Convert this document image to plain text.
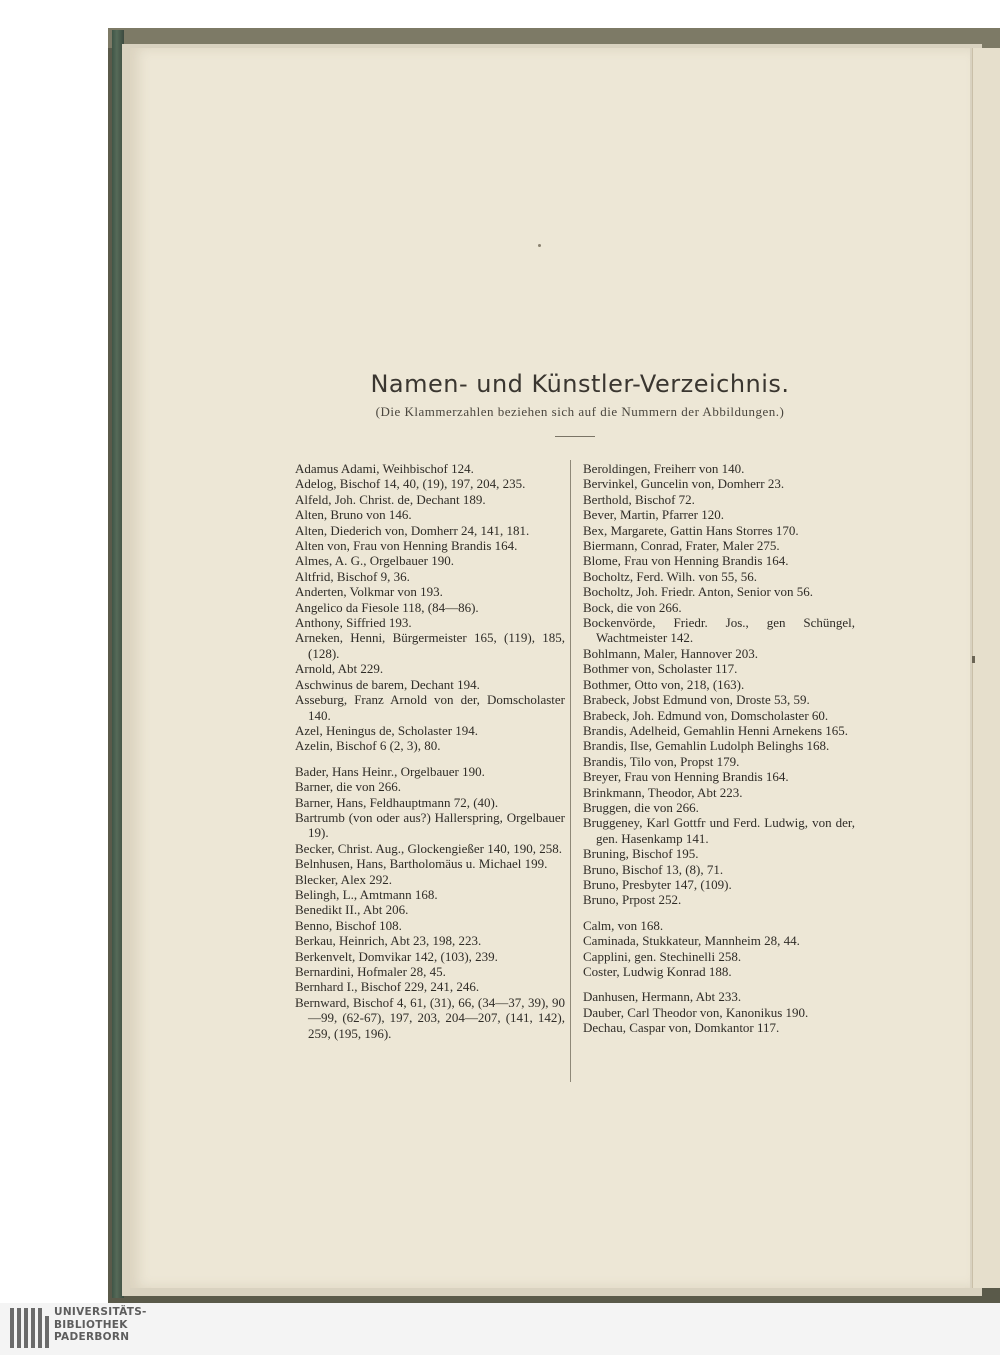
Namen- und Künstler-Verzeichnis.
(Die Klammerzahlen beziehen sich auf die Nummern der Abbildungen.)
Adamus Adami, Weihbischof 124.
Adelog, Bischof 14, 40, (19), 197, 204, 235.
Alfeld, Joh. Christ. de, Dechant 189.
Alten, Bruno von 146.
Alten, Diederich von, Domherr 24, 141, 181.
Alten von, Frau von Henning Brandis 164.
Almes, A. G., Orgelbauer 190.
Altfrid, Bischof 9, 36.
Anderten, Volkmar von 193.
Angelico da Fiesole 118, (84—86).
Anthony, Siffried 193.
Arneken, Henni, Bürgermeister 165, (119), 185, (128).
Arnold, Abt 229.
Aschwinus de barem, Dechant 194.
Asseburg, Franz Arnold von der, Domscholaster 140.
Azel, Heningus de, Scholaster 194.
Azelin, Bischof 6 (2, 3), 80.
Bader, Hans Heinr., Orgelbauer 190.
Barner, die von 266.
Barner, Hans, Feldhauptmann 72, (40).
Bartrumb (von oder aus?) Hallerspring, Orgelbauer 19).
Becker, Christ. Aug., Glockengießer 140, 190, 258.
Belnhusen, Hans, Bartholomäus u. Michael 199.
Blecker, Alex 292.
Belingh, L., Amtmann 168.
Benedikt II., Abt 206.
Benno, Bischof 108.
Berkau, Heinrich, Abt 23, 198, 223.
Berkenvelt, Domvikar 142, (103), 239.
Bernardini, Hofmaler 28, 45.
Bernhard I., Bischof 229, 241, 246.
Bernward, Bischof 4, 61, (31), 66, (34—37, 39), 90—99, (62-67), 197, 203, 204—207, (141, 142), 259, (195, 196).
Beroldingen, Freiherr von 140.
Bervinkel, Guncelin von, Domherr 23.
Berthold, Bischof 72.
Bever, Martin, Pfarrer 120.
Bex, Margarete, Gattin Hans Storres 170.
Biermann, Conrad, Frater, Maler 275.
Blome, Frau von Henning Brandis 164.
Bocholtz, Ferd. Wilh. von 55, 56.
Bocholtz, Joh. Friedr. Anton, Senior von 56.
Bock, die von 266.
Bockenvörde, Friedr. Jos., gen Schüngel, Wachtmeister 142.
Bohlmann, Maler, Hannover 203.
Bothmer von, Scholaster 117.
Bothmer, Otto von, 218, (163).
Brabeck, Jobst Edmund von, Droste 53, 59.
Brabeck, Joh. Edmund von, Domscholaster 60.
Brandis, Adelheid, Gemahlin Henni Arnekens 165.
Brandis, Ilse, Gemahlin Ludolph Belinghs 168.
Brandis, Tilo von, Propst 179.
Breyer, Frau von Henning Brandis 164.
Brinkmann, Theodor, Abt 223.
Bruggen, die von 266.
Bruggeney, Karl Gottfr und Ferd. Ludwig, von der, gen. Hasenkamp 141.
Bruning, Bischof 195.
Bruno, Bischof 13, (8), 71.
Bruno, Presbyter 147, (109).
Bruno, Prpost 252.
Calm, von 168.
Caminada, Stukkateur, Mannheim 28, 44.
Capplini, gen. Stechinelli 258.
Coster, Ludwig Konrad 188.
Danhusen, Hermann, Abt 233.
Dauber, Carl Theodor von, Kanonikus 190.
Dechau, Caspar von, Domkantor 117.
UNIVERSITÄTS-
BIBLIOTHEK
PADERBORN
